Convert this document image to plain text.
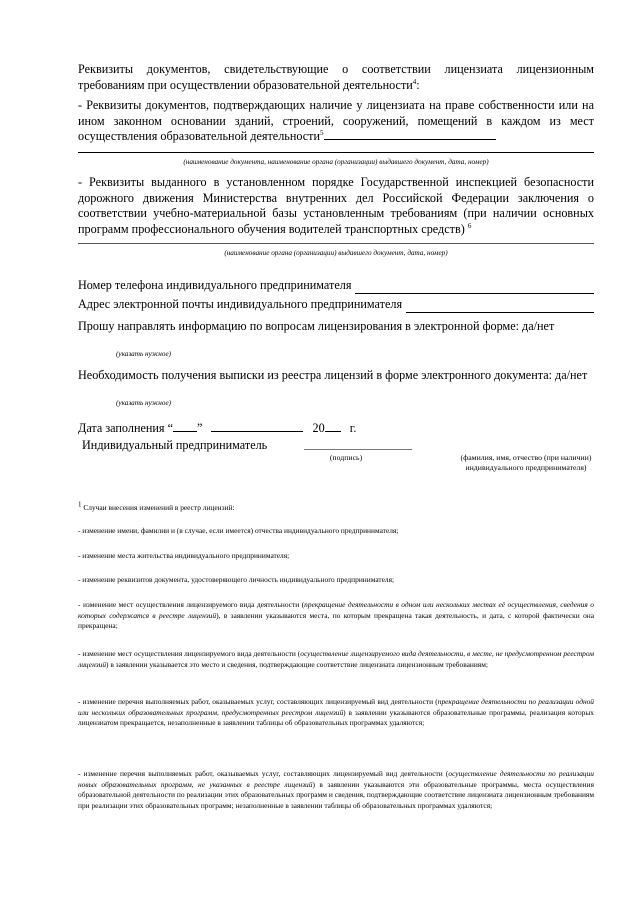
Реквизиты документов, свидетельствующие о соответствии лицензиата лицензионным требованиям при осуществлении образовательной деятельности$^4$:

- Реквизиты документов, подтверждающих наличие у лицензиата на праве собственности или на ином законном основании зданий, строений, сооружений, помещений в каждом из мест осуществления образовательной деятельности$^5$

(наименование документа, наименование органа (организации) выдавшего документ, дата, номер)

- Реквизиты выданного в установленном порядке Государственной инспекцией безопасности дорожного движения Министерства внутренних дел Российской Федерации заключения о соответствии учебно-материальной базы установленным требованиям (при наличии основных программ профессионального обучения водителей транспортных средств) $^6$

(наименование органа (организации) выдавшего документ, дата, номер)
Номер телефона индивидуального предпринимателя
Адрес электронной почты индивидуального предпринимателя

Прошу направлять информацию по вопросам лицензирования в электронной форме: да/нет

(указать нужное)

Необходимость получения выписки из реестра лицензий в форме электронного документа: да/нет

(указать нужное)
Дата заполнения “ ”	20 г.
Индивидуальный предприниматель
(подпись)	(фамилия, имя, отчество (при наличии) индивидуального предпринимателя)

$^1$ Случаи внесения изменений в реестр лицензий:

- изменение имени, фамилии и (в случае, если имеется) отчества индивидуального предпринимателя;

- изменение места жительства индивидуального предпринимателя;

- изменение реквизитов документа, удостоверяющего личность индивидуального предпринимателя;

- изменение мест осуществления лицензируемого вида деятельности (прекращение деятельности в одном или нескольких местах её осуществления, сведения о которых содержатся в реестре лицензий), в заявлении указываются места, по которым прекращена такая деятельность, и дата, с которой фактически она прекращена;

- изменение мест осуществления лицензируемого вида деятельности (осуществление лицензируемого вида деятельности, в месте, не предусмотренном реестром лицензий) в заявлении указывается это место и сведения, подтверждающие соответствие лицензиата лицензионным требованиям;

- изменение перечня выполняемых работ, оказываемых услуг, составляющих лицензируемый вид деятельности (прекращение деятельности по реализации одной или нескольких образовательных программ, предусмотренных реестром лицензий) в заявлении указываются образовательные программы, реализация которых лицензиатом прекращается, незаполненные в заявлении таблицы об образовательных программах удаляются;

- изменение перечня выполняемых работ, оказываемых услуг, составляющих лицензируемый вид деятельности (осуществление деятельности по реализации новых образовательных программ, не указанных в реестре лицензий) в заявлении указываются эти образовательные программы, места осуществления образовательной деятельности по реализации этих образовательных программ и сведения, подтверждающие соответствие лицензиата лицензионным требованиям при реализации этих образовательных программ; незаполненные в заявлении таблицы об образовательных программах удаляются;
